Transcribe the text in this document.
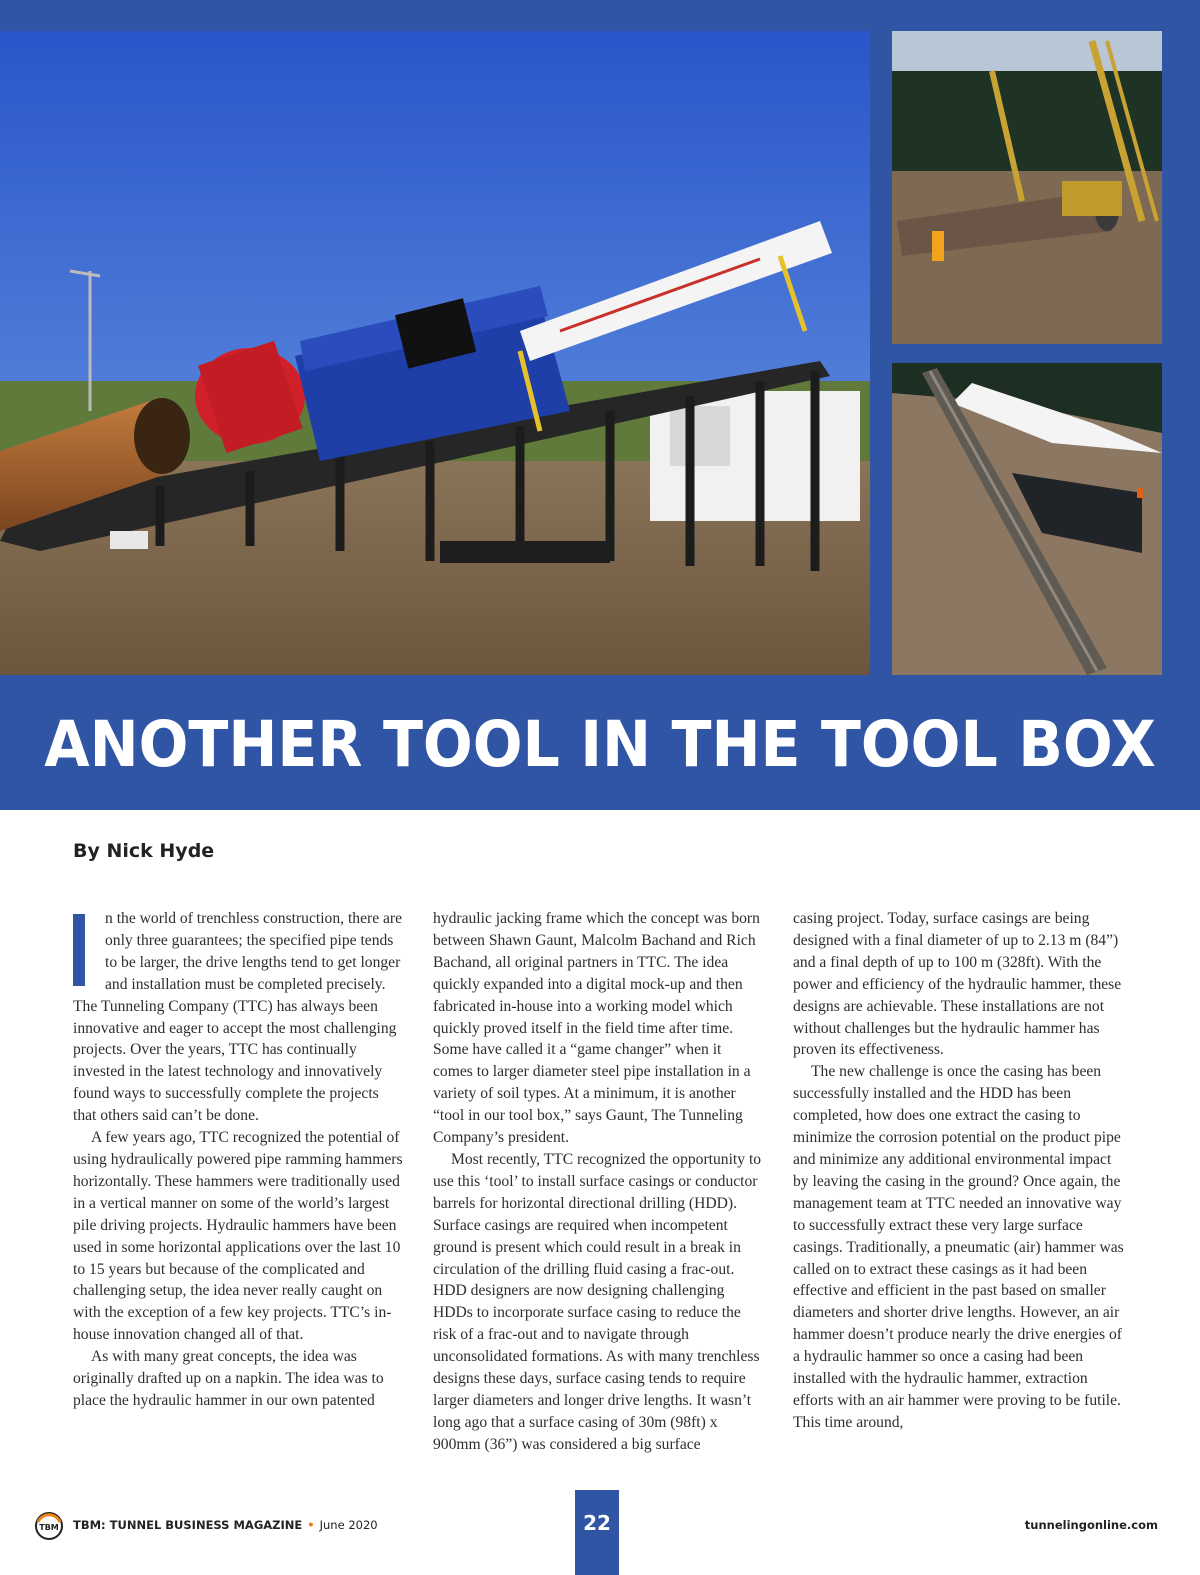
ANOTHER TOOL IN THE TOOL BOX
By Nick Hyde

n the world of trenchless construction, there are only three guarantees; the specified pipe tends to be larger, the drive lengths tend to get longer and installation must be completed precisely. The Tunneling Company (TTC) has always been innovative and eager to accept the most challenging projects. Over the years, TTC has continually invested in the latest technology and innovatively found ways to successfully complete the projects that others said can’t be done.

A few years ago, TTC recognized the potential of using hydraulically powered pipe ramming hammers horizontally. These hammers were traditionally used in a vertical manner on some of the world’s largest pile driving projects. Hydraulic hammers have been used in some horizontal applications over the last 10 to 15 years but because of the complicated and challenging setup, the idea never really caught on with the exception of a few key projects. TTC’s in-house innovation changed all of that.

As with many great concepts, the idea was originally drafted up on a napkin. The idea was to place the hydraulic hammer in our own patented

hydraulic jacking frame which the concept was born between Shawn Gaunt, Malcolm Bachand and Rich Bachand, all original partners in TTC. The idea quickly expanded into a digital mock-up and then fabricated in-house into a working model which quickly proved itself in the field time after time. Some have called it a “game changer” when it comes to larger diameter steel pipe installation in a variety of soil types. At a minimum, it is another “tool in our tool box,” says Gaunt, The Tunneling Company’s president.

Most recently, TTC recognized the opportunity to use this ‘tool’ to install surface casings or conductor barrels for horizontal directional drilling (HDD). Surface casings are required when incompetent ground is present which could result in a break in circulation of the drilling fluid casing a frac-out. HDD designers are now designing challenging HDDs to incorporate surface casing to reduce the risk of a frac-out and to navigate through unconsolidated formations. As with many trenchless designs these days, surface casing tends to require larger diameters and longer drive lengths. It wasn’t long ago that a surface casing of 30m (98ft) x 900mm (36”) was considered a big surface

casing project. Today, surface casings are being designed with a final diameter of up to 2.13 m (84”) and a final depth of up to 100 m (328ft). With the power and efficiency of the hydraulic hammer, these designs are achievable. These installations are not without challenges but the hydraulic hammer has proven its effectiveness.

The new challenge is once the casing has been successfully installed and the HDD has been completed, how does one extract the casing to minimize the corrosion potential on the product pipe and minimize any additional environmental impact by leaving the casing in the ground? Once again, the management team at TTC needed an innovative way to successfully extract these very large surface casings. Traditionally, a pneumatic (air) hammer was called on to extract these casings as it had been effective and efficient in the past based on smaller diameters and shorter drive lengths. However, an air hammer doesn’t produce nearly the drive energies of a hydraulic hammer so once a casing had been installed with the hydraulic hammer, extraction efforts with an air hammer were proving to be futile. This time around,

TBM TBM: TUNNEL BUSINESS MAGAZINE • June 2020	22	tunnelingonline.com
